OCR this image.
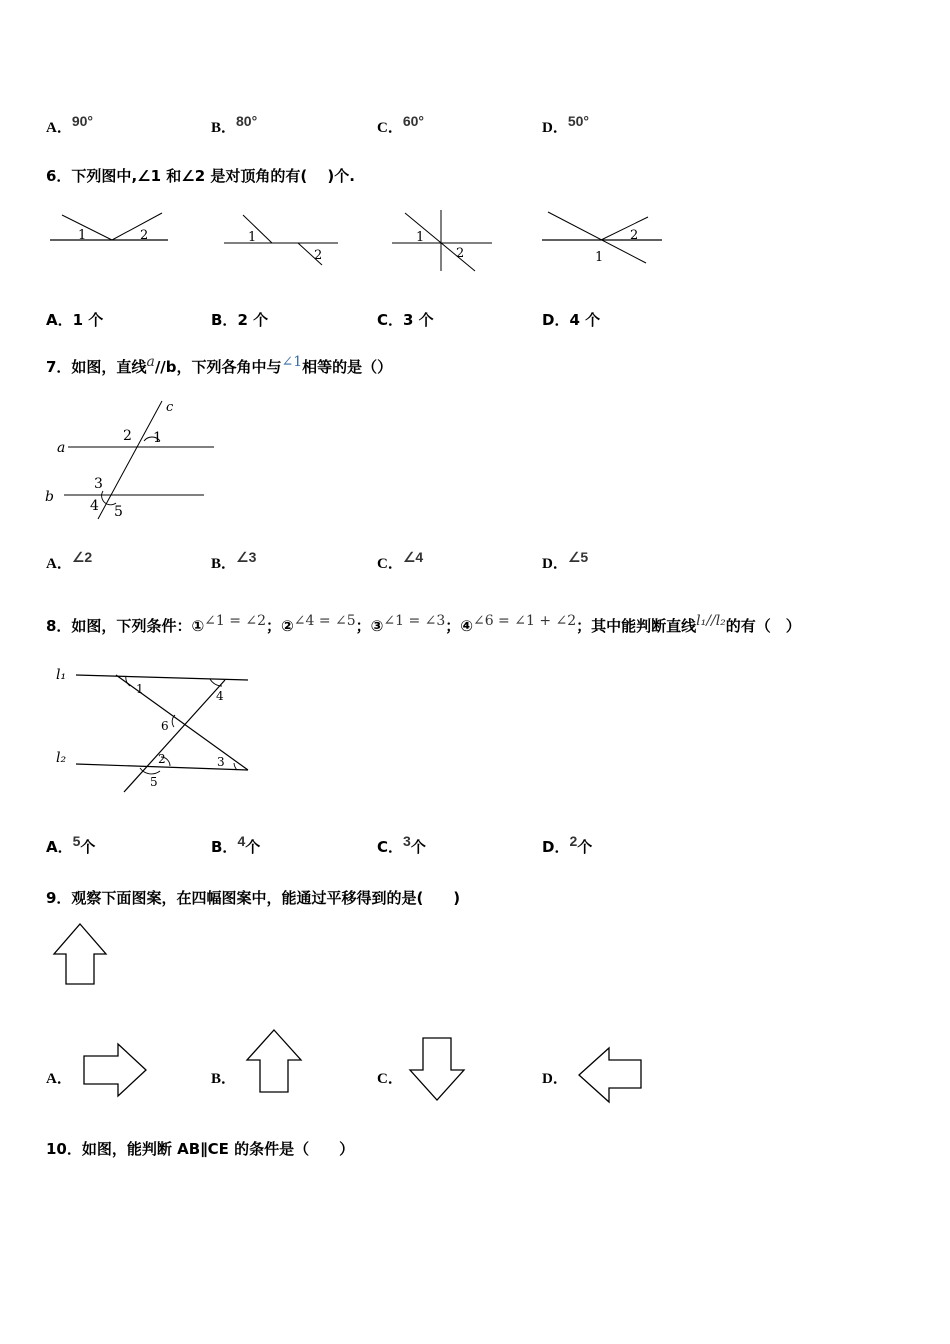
A．90°	B．80°	C．60°	D．50°
6．下列图中,∠1 和∠2 是对顶角的有(　 )个.
1	2	1
2
1
2
2
1
A．1 个	B．2 个	C．3 个	D．4 个
7．如图，直线a//b，下列各角中与∠1相等的是（）
c
a
b
2 1
3
4 5
A．∠2	B．∠3	C．∠4	D．∠5
8．如图，下列条件：①∠1 = ∠2；②∠4 = ∠5；③∠1 = ∠3；④∠6 = ∠1 + ∠2；其中能判断直线l₁//l₂的有（　）
l₁
l₂
1	4
6
2	3
5
A．5个	B．4个	C．3个	D．2个
9．观察下面图案，在四幅图案中，能通过平移得到的是(　　)
A．	B．	C．	D．
10．如图，能判断 AB∥CE 的条件是（　　）
